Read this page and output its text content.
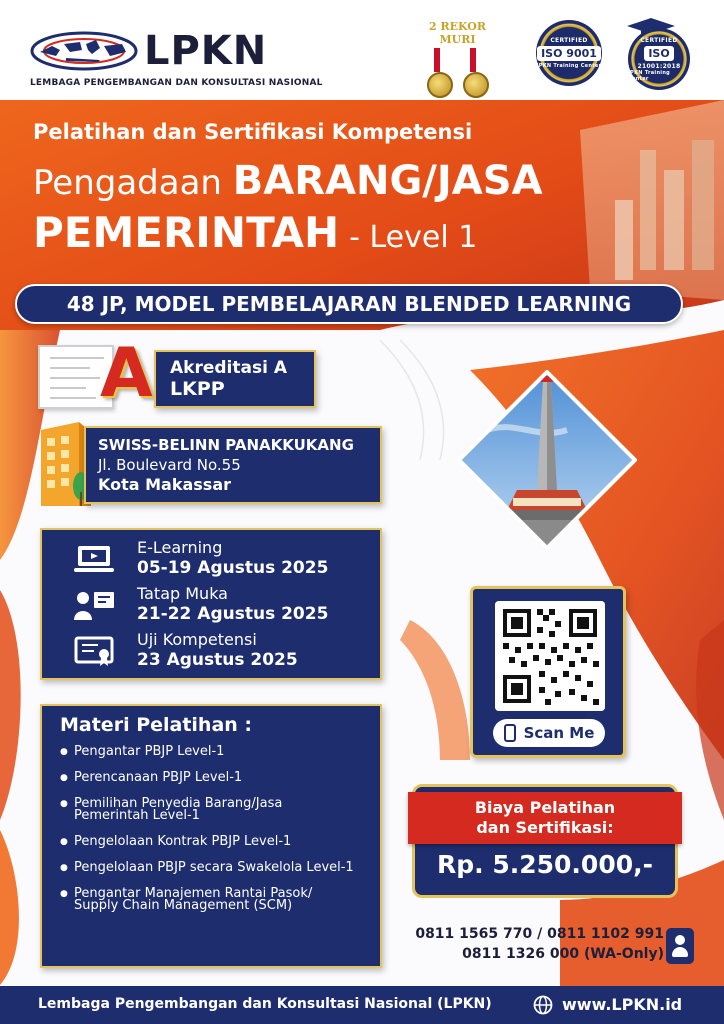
LPKN
LEMBAGA PENGEMBANGAN DAN KONSULTASI NASIONAL
2 REKOR MURI	CERTIFIED
ISO 9001
IPKN Training Center
CERTIFIED
ISO
21001:2018
IPKN Training Center
Pelatihan dan Sertifikasi Kompetensi
Pengadaan BARANG/JASA
PEMERINTAH - Level 1
48 JP, MODEL PEMBELAJARAN BLENDED LEARNING
A Akreditasi A
LKPP
SWISS-BELINN PANAKKUKANG
Jl. Boulevard No.55
Kota Makassar
E-Learning
05-19 Agustus 2025
Tatap Muka
21-22 Agustus 2025
Uji Kompetensi
23 Agustus 2025
Materi Pelatihan :
● Pengantar PBJP Level-1
● Perencanaan PBJP Level-1
● Pemilihan Penyedia Barang/Jasa Pemerintah Level-1
● Pengelolaan Kontrak PBJP Level-1
● Pengelolaan PBJP secara Swakelola Level-1
● Pengantar Manajemen Rantai Pasok/ Supply Chain Management (SCM)
Scan Me
Biaya Pelatihan
dan Sertifikasi:
Rp. 5.250.000,-
0811 1565 770 / 0811 1102 991
0811 1326 000 (WA-Only)
Lembaga Pengembangan dan Konsultasi Nasional (LPKN)	www.LPKN.id
